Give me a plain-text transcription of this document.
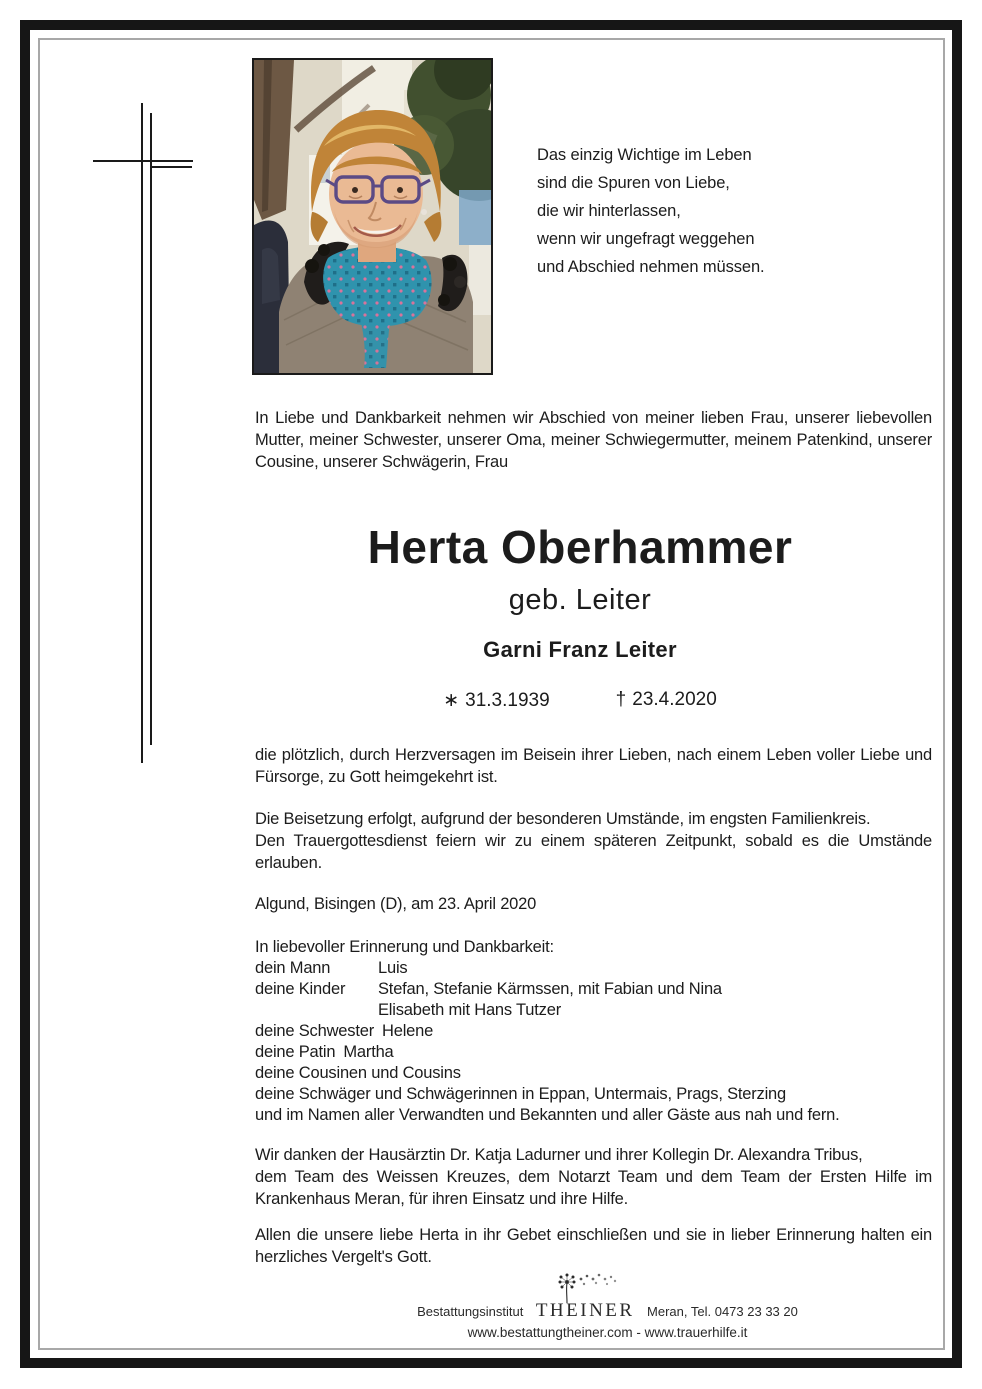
Das einzig Wichtige im Leben
sind die Spuren von Liebe,
die wir hinterlassen,
wenn wir ungefragt weggehen
und Abschied nehmen müssen.
In Liebe und Dankbarkeit nehmen wir Abschied von meiner lieben Frau, unserer liebevollen Mutter, meiner Schwester, unserer Oma, meiner Schwiegermutter, meinem Patenkind, unserer Cousine, unserer Schwägerin, Frau
Herta Oberhammer
geb. Leiter
Garni Franz Leiter
∗ 31.3.1939	† 23.4.2020
die plötzlich, durch Herzversagen im Beisein ihrer Lieben, nach einem Leben voller Liebe und Fürsorge, zu Gott heimgekehrt ist.
Die Beisetzung erfolgt, aufgrund der besonderen Umstände, im engsten Familienkreis.
Den Trauergottesdienst feiern wir zu einem späteren Zeitpunkt, sobald es die Umstände erlauben.
Algund, Bisingen (D), am 23. April 2020
In liebevoller Erinnerung und Dankbarkeit:
dein Mann	Luis
deine Kinder Stefan, Stefanie Kärmssen, mit Fabian und Nina
Elisabeth mit Hans Tutzer
deine Schwester Helene
deine Patin Martha
deine Cousinen und Cousins
deine Schwäger und Schwägerinnen in Eppan, Untermais, Prags, Sterzing
und im Namen aller Verwandten und Bekannten und aller Gäste aus nah und fern.
Wir danken der Hausärztin Dr. Katja Ladurner und ihrer Kollegin Dr. Alexandra Tribus,
dem Team des Weissen Kreuzes, dem Notarzt Team und dem Team der Ersten Hilfe im Krankenhaus Meran, für ihren Einsatz und ihre Hilfe.
Allen die unsere liebe Herta in ihr Gebet einschließen und sie in lieber Erinnerung halten ein herzliches Vergelt's Gott.
Bestattungsinstitut THEINER Meran, Tel. 0473 23 33 20
www.bestattungtheiner.com - www.trauerhilfe.it
